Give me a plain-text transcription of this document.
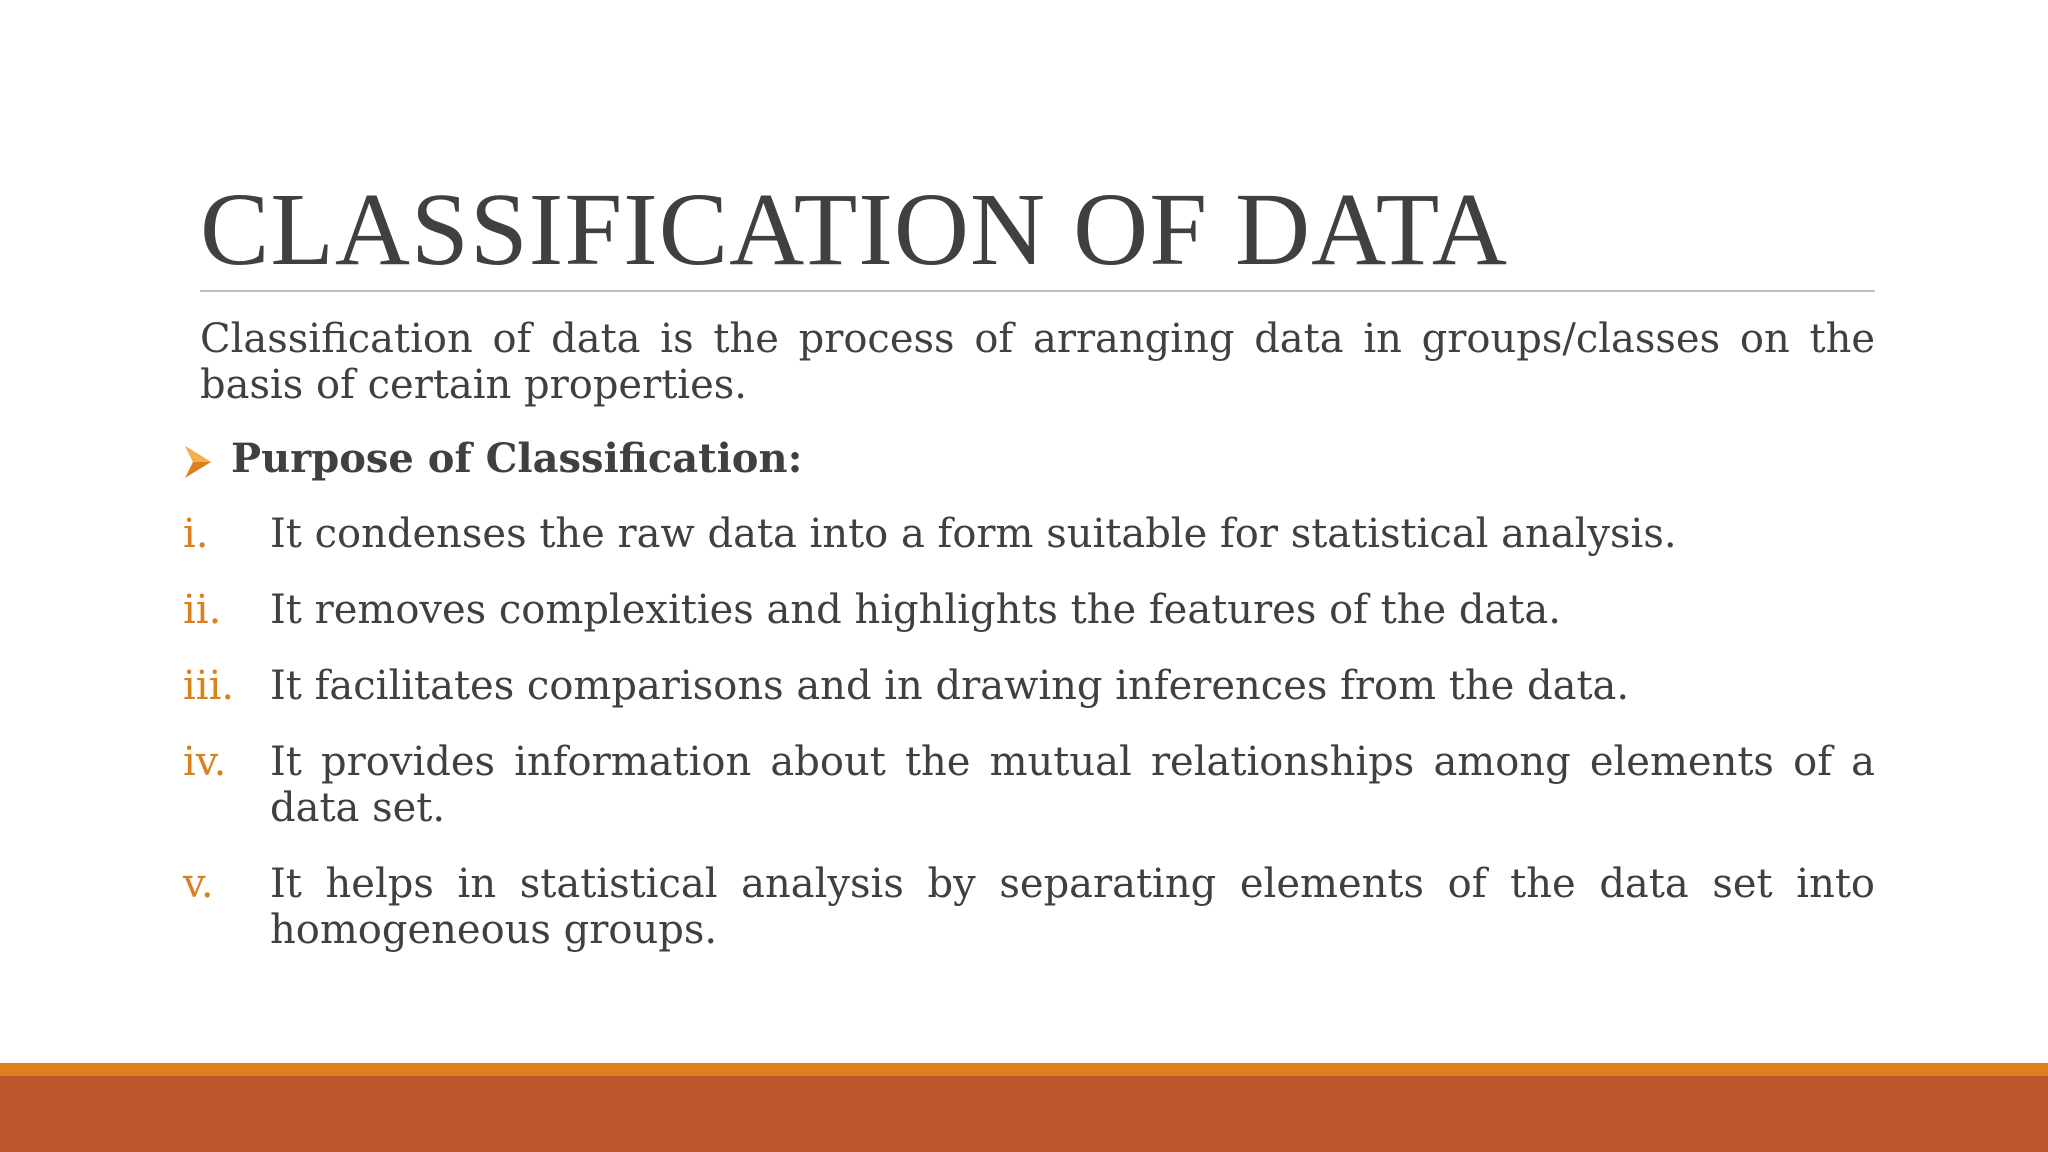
CLASSIFICATION OF DATA
Classification of data is the process of arranging data in groups/classes on the basis of certain properties.
Purpose of Classification:
i.	It condenses the raw data into a form suitable for statistical analysis.
ii.	It removes complexities and highlights the features of the data.
iii. It facilitates comparisons and in drawing inferences from the data.
iv.	It provides information about the mutual relationships among elements of a data set.
v.	It helps in statistical analysis by separating elements of the data set into homogeneous groups.
